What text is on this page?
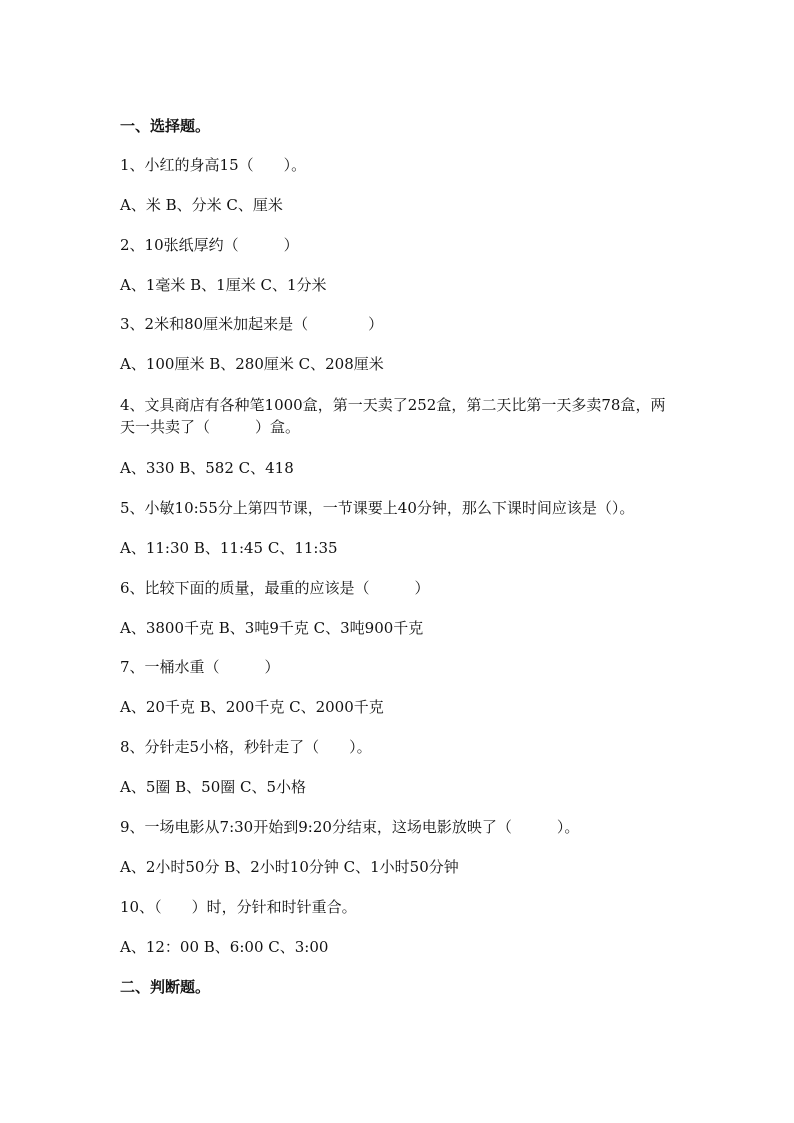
一、选择题。
1、小红的身高15（　　）。
A、米 B、分米 C、厘米
2、10张纸厚约（　　　）
A、1毫米 B、1厘米 C、1分米
3、2米和80厘米加起来是（　　　　）
A、100厘米 B、280厘米 C、208厘米
4、文具商店有各种笔1000盒，第一天卖了252盒，第二天比第一天多卖78盒，两天一共卖了（　　　）盒。
A、330 B、582 C、418
5、小敏10:55分上第四节课，一节课要上40分钟，那么下课时间应该是（）。
A、11:30 B、11:45 C、11:35
6、比较下面的质量，最重的应该是（　　　）
A、3800千克 B、3吨9千克 C、3吨900千克
7、一桶水重（　　　）
A、20千克 B、200千克 C、2000千克
8、分针走5小格，秒针走了（　　）。
A、5圈 B、50圈 C、5小格
9、一场电影从7:30开始到9:20分结束，这场电影放映了（　　　）。
A、2小时50分 B、2小时10分钟 C、1小时50分钟
10、（　　）时，分针和时针重合。
A、12：00 B、6:00 C、3:00
二、判断题。
